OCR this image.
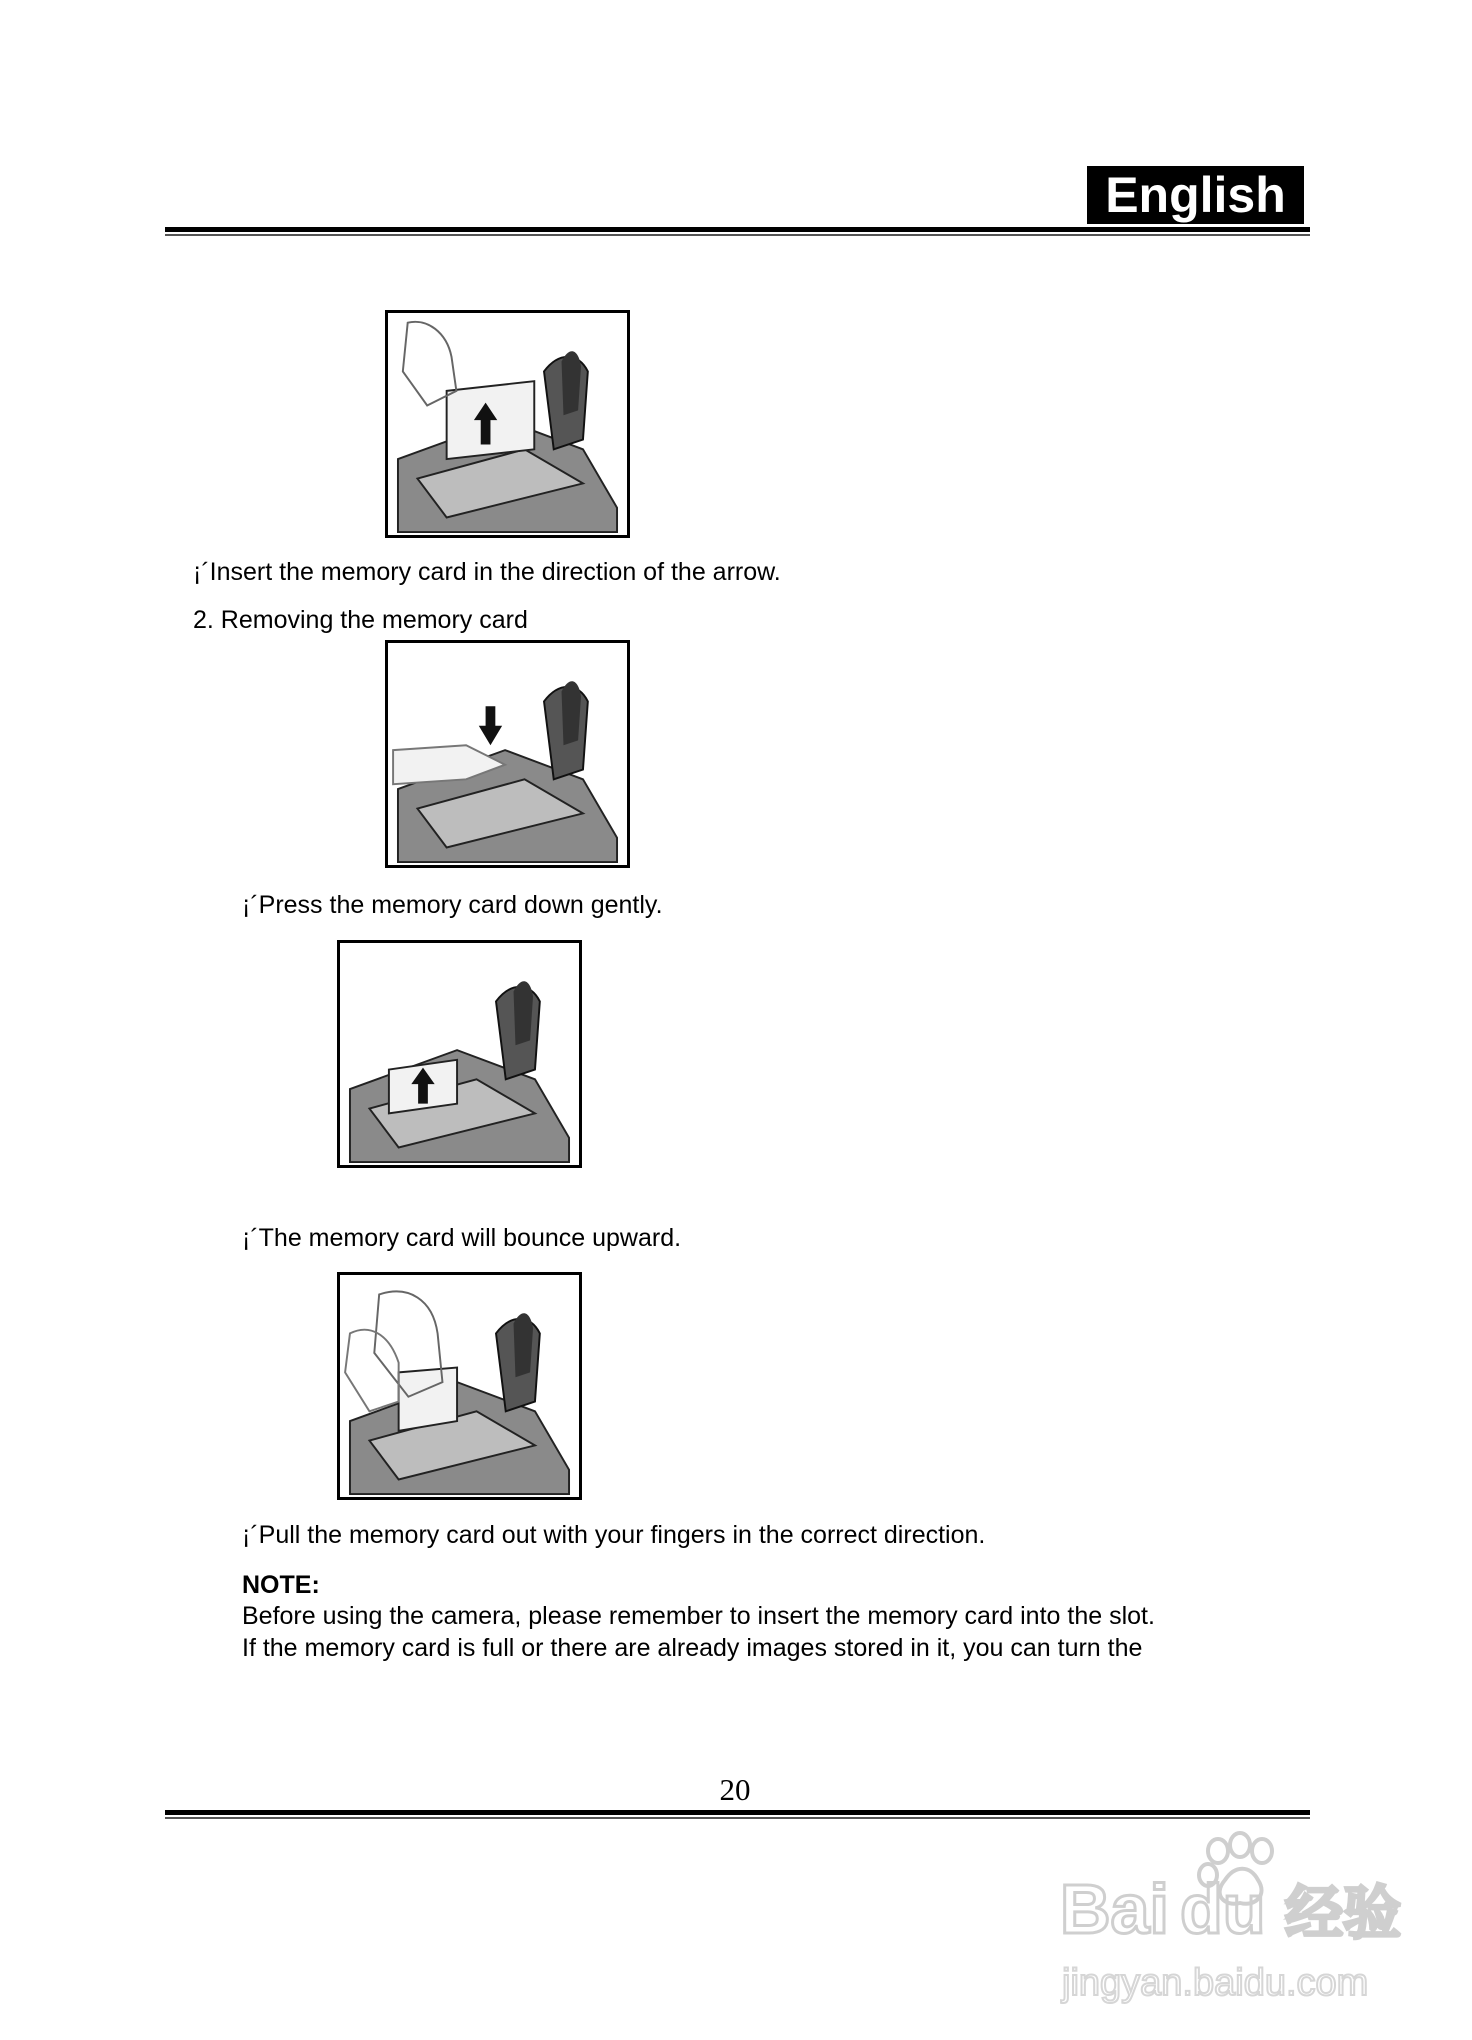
English
¡´Insert the memory card in the direction of the arrow.
2. Removing the memory card
¡´Press the memory card down gently.
¡´The memory card will bounce upward.
¡´Pull the memory card out with your fingers in the correct direction.
NOTE:
Before using the camera, please remember to insert the memory card into the slot.
If the memory card is full or there are already images stored in it, you can turn the
20
Bai du 经验
jingyan.baidu.com
